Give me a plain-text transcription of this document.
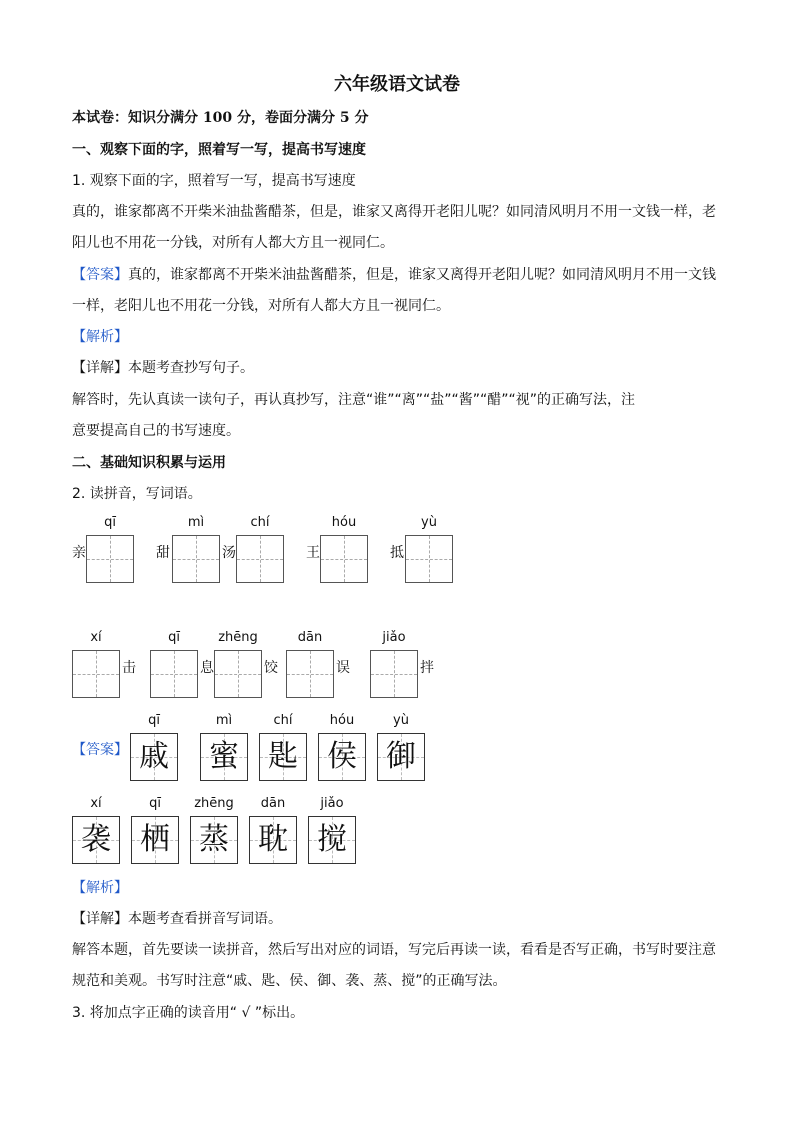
六年级语文试卷
本试卷：知识分满分 100 分，卷面分满分 5 分
一、观察下面的字，照着写一写，提高书写速度
1. 观察下面的字，照着写一写，提高书写速度
真的，谁家都离不开柴米油盐酱醋茶，但是，谁家又离得开老阳儿呢？如同清风明月不用一文钱一样，老
阳儿也不用花一分钱，对所有人都大方且一视同仁。
【答案】真的，谁家都离不开柴米油盐酱醋茶，但是，谁家又离得开老阳儿呢？如同清风明月不用一文钱
一样，老阳儿也不用花一分钱，对所有人都大方且一视同仁。
【解析】
【详解】本题考查抄写句子。
解答时，先认真读一读句子，再认真抄写，注意“谁”“离”“盐”“酱”“醋”“视”的正确写法，注
意要提高自己的书写速度。
二、基础知识积累与运用
2. 读拼音，写词语。
亲
qī
甜
mì
汤
chí
王
hóu
抵
yù
xí
击
qī
息
zhēng
饺
dān
误
jiǎo
拌
【答案】
qī
戚
mì
蜜
chí
匙
hóu
侯
yù
御
xí
袭
qī
栖
zhēng
蒸
dān
耽
jiǎo
搅
【解析】
【详解】本题考查看拼音写词语。
解答本题，首先要读一读拼音，然后写出对应的词语，写完后再读一读，看看是否写正确，书写时要注意
规范和美观。书写时注意“戚、匙、侯、御、袭、蒸、搅”的正确写法。
3. 将加点字正确的读音用“ √ ”标出。
